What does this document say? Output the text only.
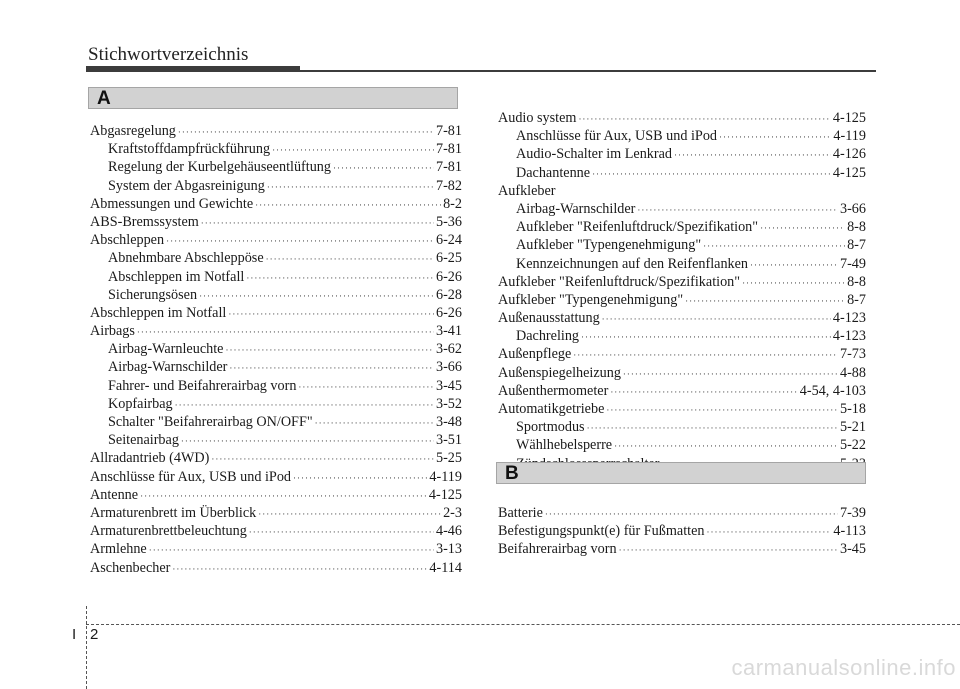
Stichwortverzeichnis
A
Abgasregelung ·····	7-81
Kraftstoffdampfrückführung ·····	7-81
Regelung der Kurbelgehäuseentlüftung ·····	7-81
System der Abgasreinigung ·····	7-82
Abmessungen und Gewichte ·····	8-2
ABS-Bremssystem ·····	5-36
Abschleppen ·····	6-24
Abnehmbare Abschleppöse ·····	6-25
Abschleppen im Notfall ·····	6-26
Sicherungsösen ·····	6-28
Abschleppen im Notfall ·····	6-26
Airbags ·····	3-41
Airbag-Warnleuchte ·····	3-62
Airbag-Warnschilder ·····	3-66
Fahrer- und Beifahrerairbag vorn ·····	3-45
Kopfairbag ·····	3-52
Schalter "Beifahrerairbag ON/OFF" ·····	3-48
Seitenairbag ·····	3-51
Allradantrieb (4WD) ·····	5-25
Anschlüsse für Aux, USB und iPod ·····	4-119
Antenne ·····	4-125
Armaturenbrett im Überblick ·····	2-3
Armaturenbrettbeleuchtung ·····	4-46
Armlehne ·····	3-13
Aschenbecher ·····	4-114
Audio system ·····	4-125
Anschlüsse für Aux, USB und iPod ·····	4-119
Audio-Schalter im Lenkrad ·····	4-126
Dachantenne ·····	4-125
Aufkleber
Airbag-Warnschilder ·····	3-66
Aufkleber "Reifenluftdruck/Spezifikation" ·····	8-8
Aufkleber "Typengenehmigung" ·····	8-7
Kennzeichnungen auf den Reifenflanken ·····	7-49
Aufkleber "Reifenluftdruck/Spezifikation" ·····	8-8
Aufkleber "Typengenehmigung" ·····	8-7
Außenausstattung ·····	4-123
Dachreling ·····	4-123
Außenpflege ·····	7-73
Außenspiegelheizung ·····	4-88
Außenthermometer ·····	4-54, 4-103
Automatikgetriebe ·····	5-18
Sportmodus ·····	5-21
Wählhebelsperre ·····	5-22
·····
B
Batterie ·····	7-39
Befestigungspunkt(e) für Fußmatten ·····	4-113
Beifahrerairbag vorn ·····	3-45
I 2
carmanualsonline.info
